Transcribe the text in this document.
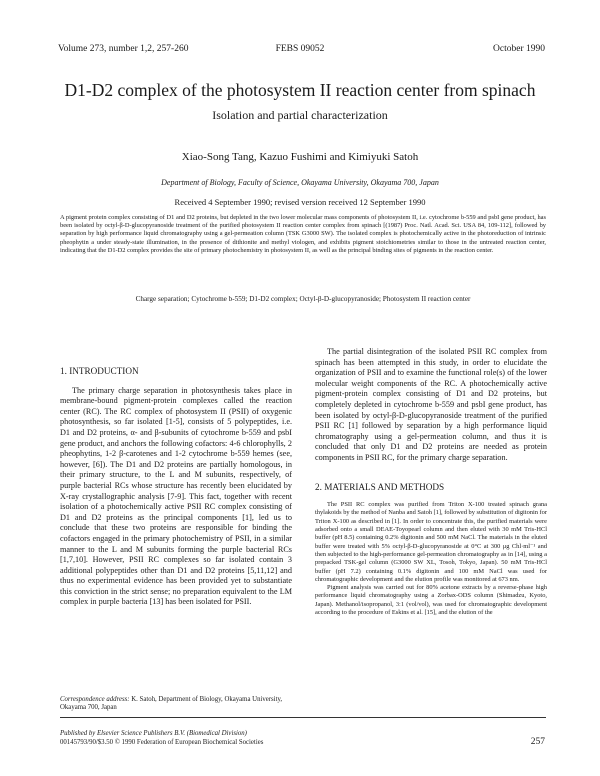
Volume 273, number 1,2, 257-260	FEBS 09052	October 1990
D1-D2 complex of the photosystem II reaction center from spinach
Isolation and partial characterization
Xiao-Song Tang, Kazuo Fushimi and Kimiyuki Satoh
Department of Biology, Faculty of Science, Okayama University, Okayama 700, Japan
Received 4 September 1990; revised version received 12 September 1990
A pigment protein complex consisting of D1 and D2 proteins, but depleted in the two lower molecular mass components of photosystem II, i.e. cytochrome b-559 and psbI gene product, has been isolated by octyl-β-D-glucopyranoside treatment of the purified photosystem II reaction center complex from spinach [(1987) Proc. Natl. Acad. Sci. USA 84, 109-112], followed by separation by high performance liquid chromatography using a gel-permeation column (TSK G3000 SW). The isolated complex is photochemically active in the photoreduction of intrinsic pheophytin a under steady-state illumination, in the presence of dithionite and methyl viologen, and exhibits pigment stoichiometries similar to those in the untreated reaction center, indicating that the D1-D2 complex provides the site of primary photochemistry in photosystem II, as well as the principal binding sites of pigments in the reaction center.
Charge separation; Cytochrome b-559; D1-D2 complex; Octyl-β-D-glucopyranoside; Photosystem II reaction center
1. INTRODUCTION

The primary charge separation in photosynthesis takes place in membrane-bound pigment-protein complexes called the reaction center (RC). The RC complex of photosystem II (PSII) of oxygenic photosynthesis, so far isolated [1-5], consists of 5 polypeptides, i.e. D1 and D2 proteins, α- and β-subunits of cytochrome b-559 and psbI gene product, and anchors the following cofactors: 4-6 chlorophylls, 2 pheophytins, 1-2 β-carotenes and 1-2 cytochrome b-559 hemes (see, however, [6]). The D1 and D2 proteins are partially homologous, in their primary structure, to the L and M subunits, respectively, of purple bacterial RCs whose structure has recently been elucidated by X-ray crystallographic analysis [7-9]. This fact, together with recent isolation of a photochemically active PSII RC complex consisting of D1 and D2 proteins as the principal components [1], led us to conclude that these two proteins are responsible for binding the cofactors engaged in the primary photochemistry of PSII, in a similar manner to the L and M subunits forming the purple bacterial RCs [1,7,10]. However, PSII RC complexes so far isolated contain 3 additional polypeptides other than D1 and D2 proteins [5,11,12] and thus no experimental evidence has been provided yet to substantiate this conviction in the strict sense; no preparation equivalent to the LM complex in purple bacteria [13] has been isolated for PSII.

The partial disintegration of the isolated PSII RC complex from spinach has been attempted in this study, in order to elucidate the organization of PSII and to examine the functional role(s) of the lower molecular weight components of the RC. A photochemically active pigment-protein complex consisting of D1 and D2 proteins, but completely depleted in cytochrome b-559 and psbI gene product, has been isolated by octyl-β-D-glucopyranoside treatment of the purified PSII RC [1] followed by separation by a high performance liquid chromatography using a gel-permeation column, and thus it is concluded that only D1 and D2 proteins are needed as protein components in PSII RC, for the primary charge separation.

2. MATERIALS AND METHODS

The PSII RC complex was purified from Triton X-100 treated spinach grana thylakoids by the method of Nanba and Satoh [1], followed by substitution of digitonin for Triton X-100 as described in [1]. In order to concentrate this, the purified materials were adsorbed onto a small DEAE-Toyopearl column and then eluted with 30 mM Tris-HCl buffer (pH 8.5) containing 0.2% digitonin and 500 mM NaCl. The materials in the eluted buffer were treated with 5% octyl-β-D-glucopyranoside at 0°C at 300 μg Chl·ml⁻¹ and then subjected to the high-performance gel-permeation chromatography as in [14], using a prepacked TSK-gel column (G3000 SW XL, Tosoh, Tokyo, Japan). 50 mM Tris-HCl buffer (pH 7.2) containing 0.1% digitonin and 100 mM NaCl was used for chromatographic development and the elution profile was monitored at 673 nm.

Pigment analysis was carried out for 80% acetone extracts by a reverse-phase high performance liquid chromatography using a Zorbax-ODS column (Shimadzu, Kyoto, Japan). Methanol/isopropanol, 3:1 (vol/vol), was used for chromatographic development according to the procedure of Eskins et al. [15], and the elution of the

Correspondence address: K. Satoh, Department of Biology, Okayama University, Okayama 700, Japan
Published by Elsevier Science Publishers B.V. (Biomedical Division)
00145793/90/$3.50 © 1990 Federation of European Biochemical Societies	257
